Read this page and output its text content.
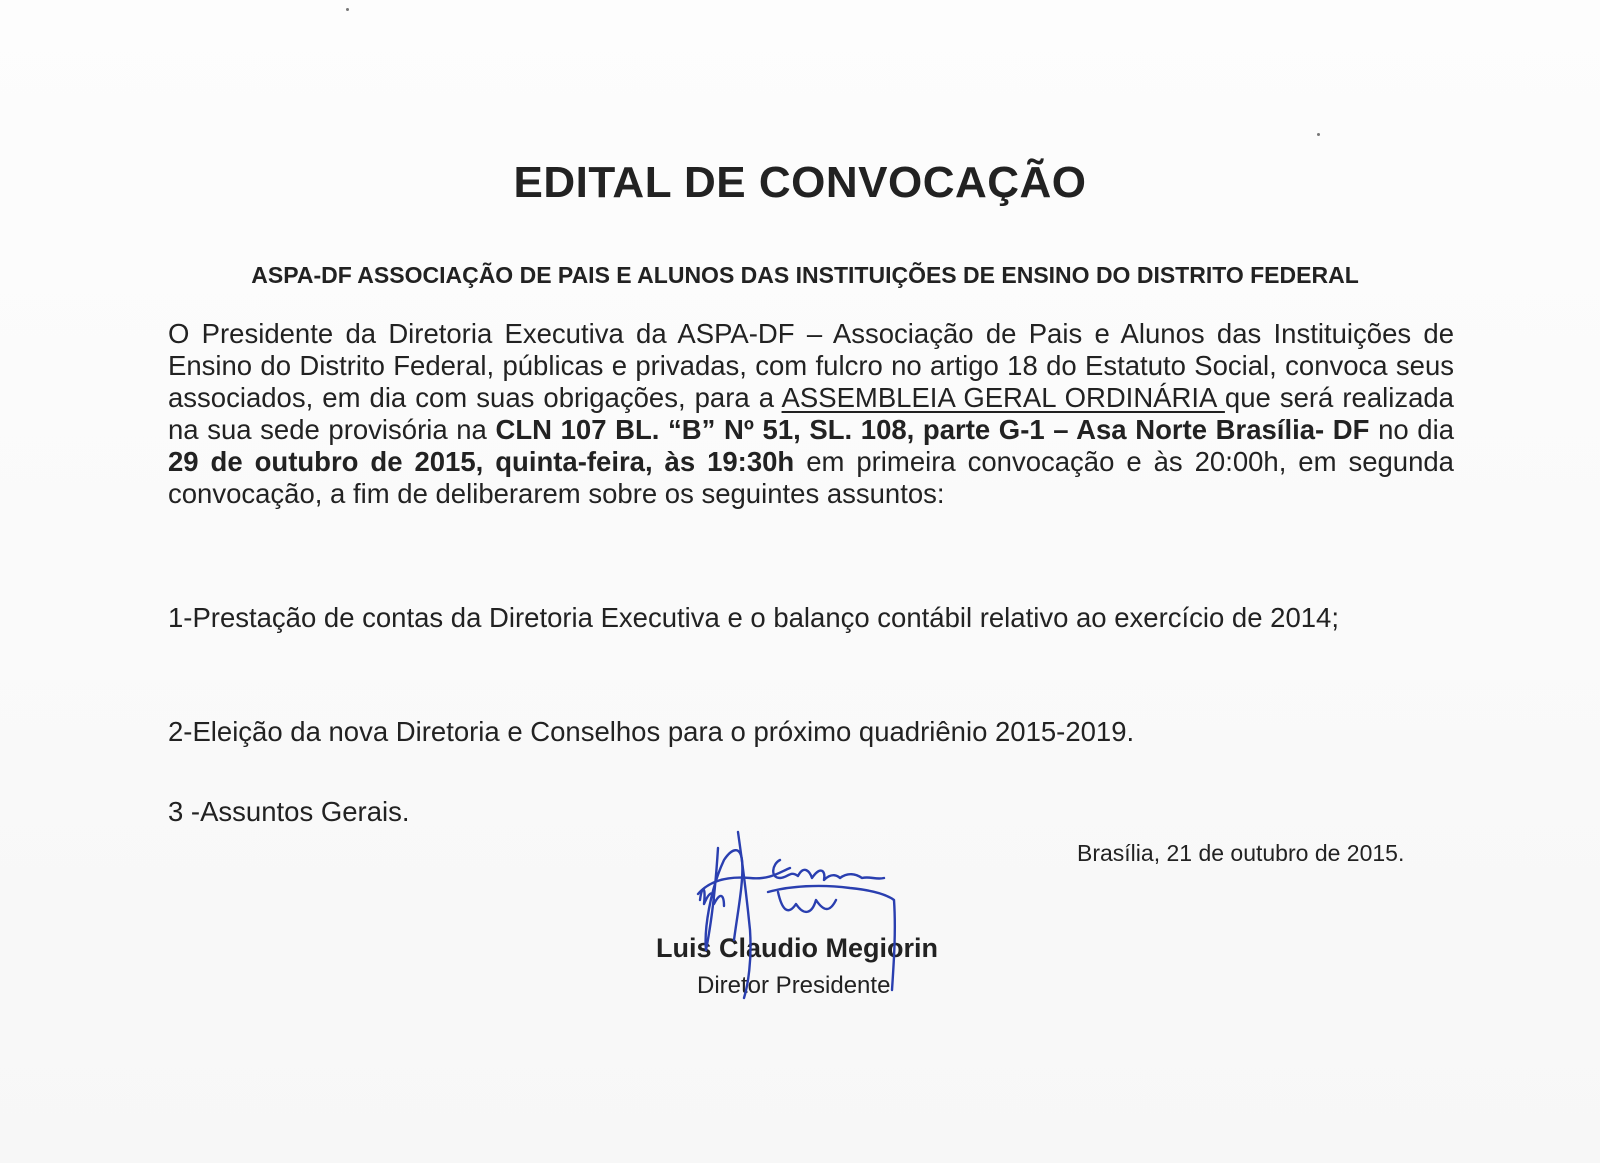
EDITAL DE CONVOCAÇÃO
ASPA-DF ASSOCIAÇÃO DE PAIS E ALUNOS DAS INSTITUIÇÕES DE ENSINO DO DISTRITO FEDERAL
O Presidente da Diretoria Executiva da ASPA-DF – Associação de Pais e Alunos das Instituições de Ensino do Distrito Federal, públicas e privadas, com fulcro no artigo 18 do Estatuto Social, convoca seus associados, em dia com suas obrigações, para a ASSEMBLEIA GERAL ORDINÁRIA que será realizada na sua sede provisória na CLN 107 BL. “B” Nº 51, SL. 108, parte G-1 – Asa Norte Brasília- DF no dia 29 de outubro de 2015, quinta-feira, às 19:30h em primeira convocação e às 20:00h, em segunda convocação, a fim de deliberarem sobre os seguintes assuntos:
1-Prestação de contas da Diretoria Executiva e o balanço contábil relativo ao exercício de 2014;
2-Eleição da nova Diretoria e Conselhos para o próximo quadriênio 2015-2019.
3 -Assuntos Gerais.
Brasília, 21 de outubro de 2015.
Luis Claudio Megiorin
Diretor Presidente
